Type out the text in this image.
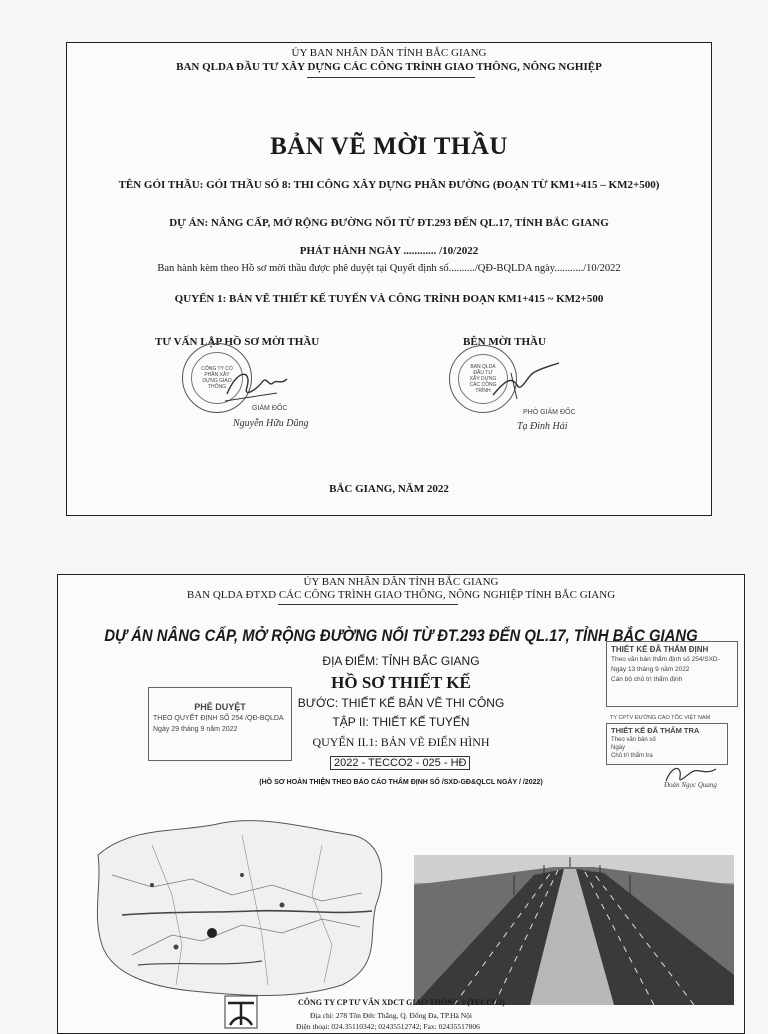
ỦY BAN NHÂN DÂN TỈNH BẮC GIANG
BAN QLDA ĐẦU TƯ XÂY DỰNG CÁC CÔNG TRÌNH GIAO THÔNG, NÔNG NGHIỆP
BẢN VẼ MỜI THẦU
TÊN GÓI THẦU: GÓI THẦU SỐ 8: THI CÔNG XÂY DỰNG PHẦN ĐƯỜNG (ĐOẠN TỪ KM1+415 – KM2+500)
DỰ ÁN: NÂNG CẤP, MỞ RỘNG ĐƯỜNG NỐI TỪ ĐT.293 ĐẾN QL.17, TỈNH BẮC GIANG
PHÁT HÀNH NGÀY ............ /10/2022
Ban hành kèm theo Hồ sơ mời thầu được phê duyệt tại Quyết định số........../QĐ-BQLDA ngày.........../10/2022
QUYỂN 1: BẢN VẼ THIẾT KẾ TUYẾN VÀ CÔNG TRÌNH ĐOẠN KM1+415 ~ KM2+500
TƯ VẤN LẬP HỒ SƠ MỜI THẦU
CÔNG TY CỔ PHẦN XÂY DỰNG GIAO THÔNG
GIÁM ĐỐC
Nguyễn Hữu Dũng
BÊN MỜI THẦU
BAN QLDA ĐẦU TƯ XÂY DỰNG CÁC CÔNG TRÌNH
PHÓ GIÁM ĐỐC
Tạ Đình Hải
BẮC GIANG, NĂM 2022
ỦY BAN NHÂN DÂN TỈNH BẮC GIANG
BAN QLDA ĐTXD CÁC CÔNG TRÌNH GIAO THÔNG, NÔNG NGHIỆP TỈNH BẮC GIANG
DỰ ÁN NÂNG CẤP, MỞ RỘNG ĐƯỜNG NỐI TỪ ĐT.293 ĐẾN QL.17, TỈNH BẮC GIANG
ĐỊA ĐIỂM: TỈNH BẮC GIANG
HỒ SƠ THIẾT KẾ
BƯỚC: THIẾT KẾ BẢN VẼ THI CÔNG
TẬP II: THIẾT KẾ TUYẾN
QUYỂN II.1: BẢN VẼ ĐIỂN HÌNH
2022 - TECCO2 - 025 - HĐ
(HỒ SƠ HOÀN THIỆN THEO BÁO CÁO THẨM ĐỊNH SỐ /SXD-GĐ&QLCL NGÀY / /2022)
PHÊ DUYỆT
THEO QUYẾT ĐỊNH SỐ 254 /QĐ-BQLDA
Ngày 29 tháng 9 năm 2022
THIẾT KẾ ĐÃ THẨM ĐỊNH
Theo văn bản thẩm định số 254/SXD-
Ngày 13 tháng 9 năm 2022
Cán bộ chủ trì thẩm định
TY CPTV ĐƯỜNG CAO TỐC VIỆT NAM
THIẾT KẾ ĐÃ THẨM TRA
Theo văn bản số
Ngày
Chủ trì thẩm tra
Đoàn Ngọc Quang
CÔNG TY CP TƯ VẤN XDCT GIAO THÔNG 2 (TECCO2)
Địa chỉ: 278 Tôn Đức Thắng, Q. Đống Đa, TP.Hà Nội
Điện thoại: 024.35110342; 02435512742; Fax: 02435517806
